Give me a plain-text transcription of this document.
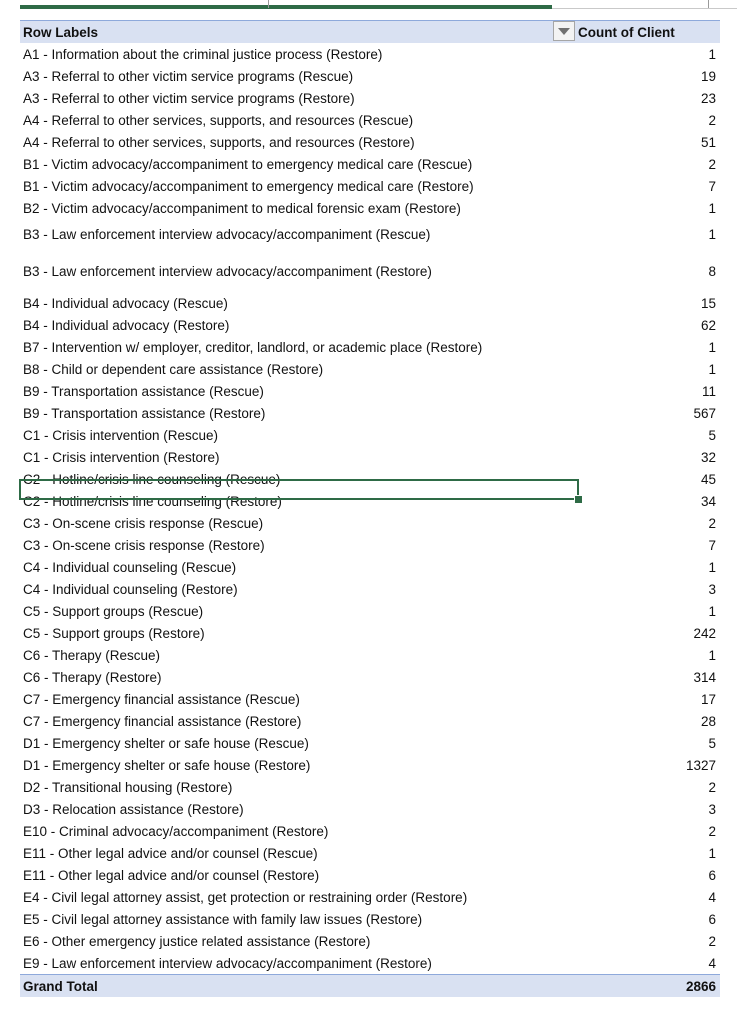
Row Labels	Count of Client
A1 - Information about the criminal justice process (Restore)	1
A3 - Referral to other victim service programs (Rescue)	19
A3 - Referral to other victim service programs (Restore)	23
A4 - Referral to other services, supports, and resources (Rescue)	2
A4 - Referral to other services, supports, and resources (Restore)	51
B1 - Victim advocacy/accompaniment to emergency medical care (Rescue)	2
B1 - Victim advocacy/accompaniment to emergency medical care (Restore)	7
B2 - Victim advocacy/accompaniment to medical forensic exam (Restore)	1
B3 - Law enforcement interview advocacy/accompaniment (Rescue)	1
B3 - Law enforcement interview advocacy/accompaniment (Restore)	8
B4 - Individual advocacy (Rescue)	15
B4 - Individual advocacy (Restore)	62
B7 - Intervention w/ employer, creditor, landlord, or academic place (Restore)	1
B8 - Child or dependent care assistance (Restore)	1
B9 - Transportation assistance (Rescue)	11
B9 - Transportation assistance (Restore)	567
C1 - Crisis intervention (Rescue)	5
C1 - Crisis intervention (Restore)	32
C2 - Hotline/crisis line counseling (Rescue)	45
C2 - Hotline/crisis line counseling (Restore)	34
C3 - On-scene crisis response (Rescue)	2
C3 - On-scene crisis response (Restore)	7
C4 - Individual counseling (Rescue)	1
C4 - Individual counseling (Restore)	3
C5 - Support groups (Rescue)	1
C5 - Support groups (Restore)	242
C6 - Therapy (Rescue)	1
C6 - Therapy (Restore)	314
C7 - Emergency financial assistance (Rescue)	17
C7 - Emergency financial assistance (Restore)	28
D1 - Emergency shelter or safe house (Rescue)	5
D1 - Emergency shelter or safe house (Restore)	1327
D2 - Transitional housing (Restore)	2
D3 - Relocation assistance (Restore)	3
E10 - Criminal advocacy/accompaniment (Restore)	2
E11 - Other legal advice and/or counsel (Rescue)	1
E11 - Other legal advice and/or counsel (Restore)	6
E4 - Civil legal attorney assist, get protection or restraining order (Restore)	4
E5 - Civil legal attorney assistance with family law issues (Restore)	6
E6 - Other emergency justice related assistance (Restore)	2
E9 - Law enforcement interview advocacy/accompaniment (Restore)	4
Grand Total	2866
